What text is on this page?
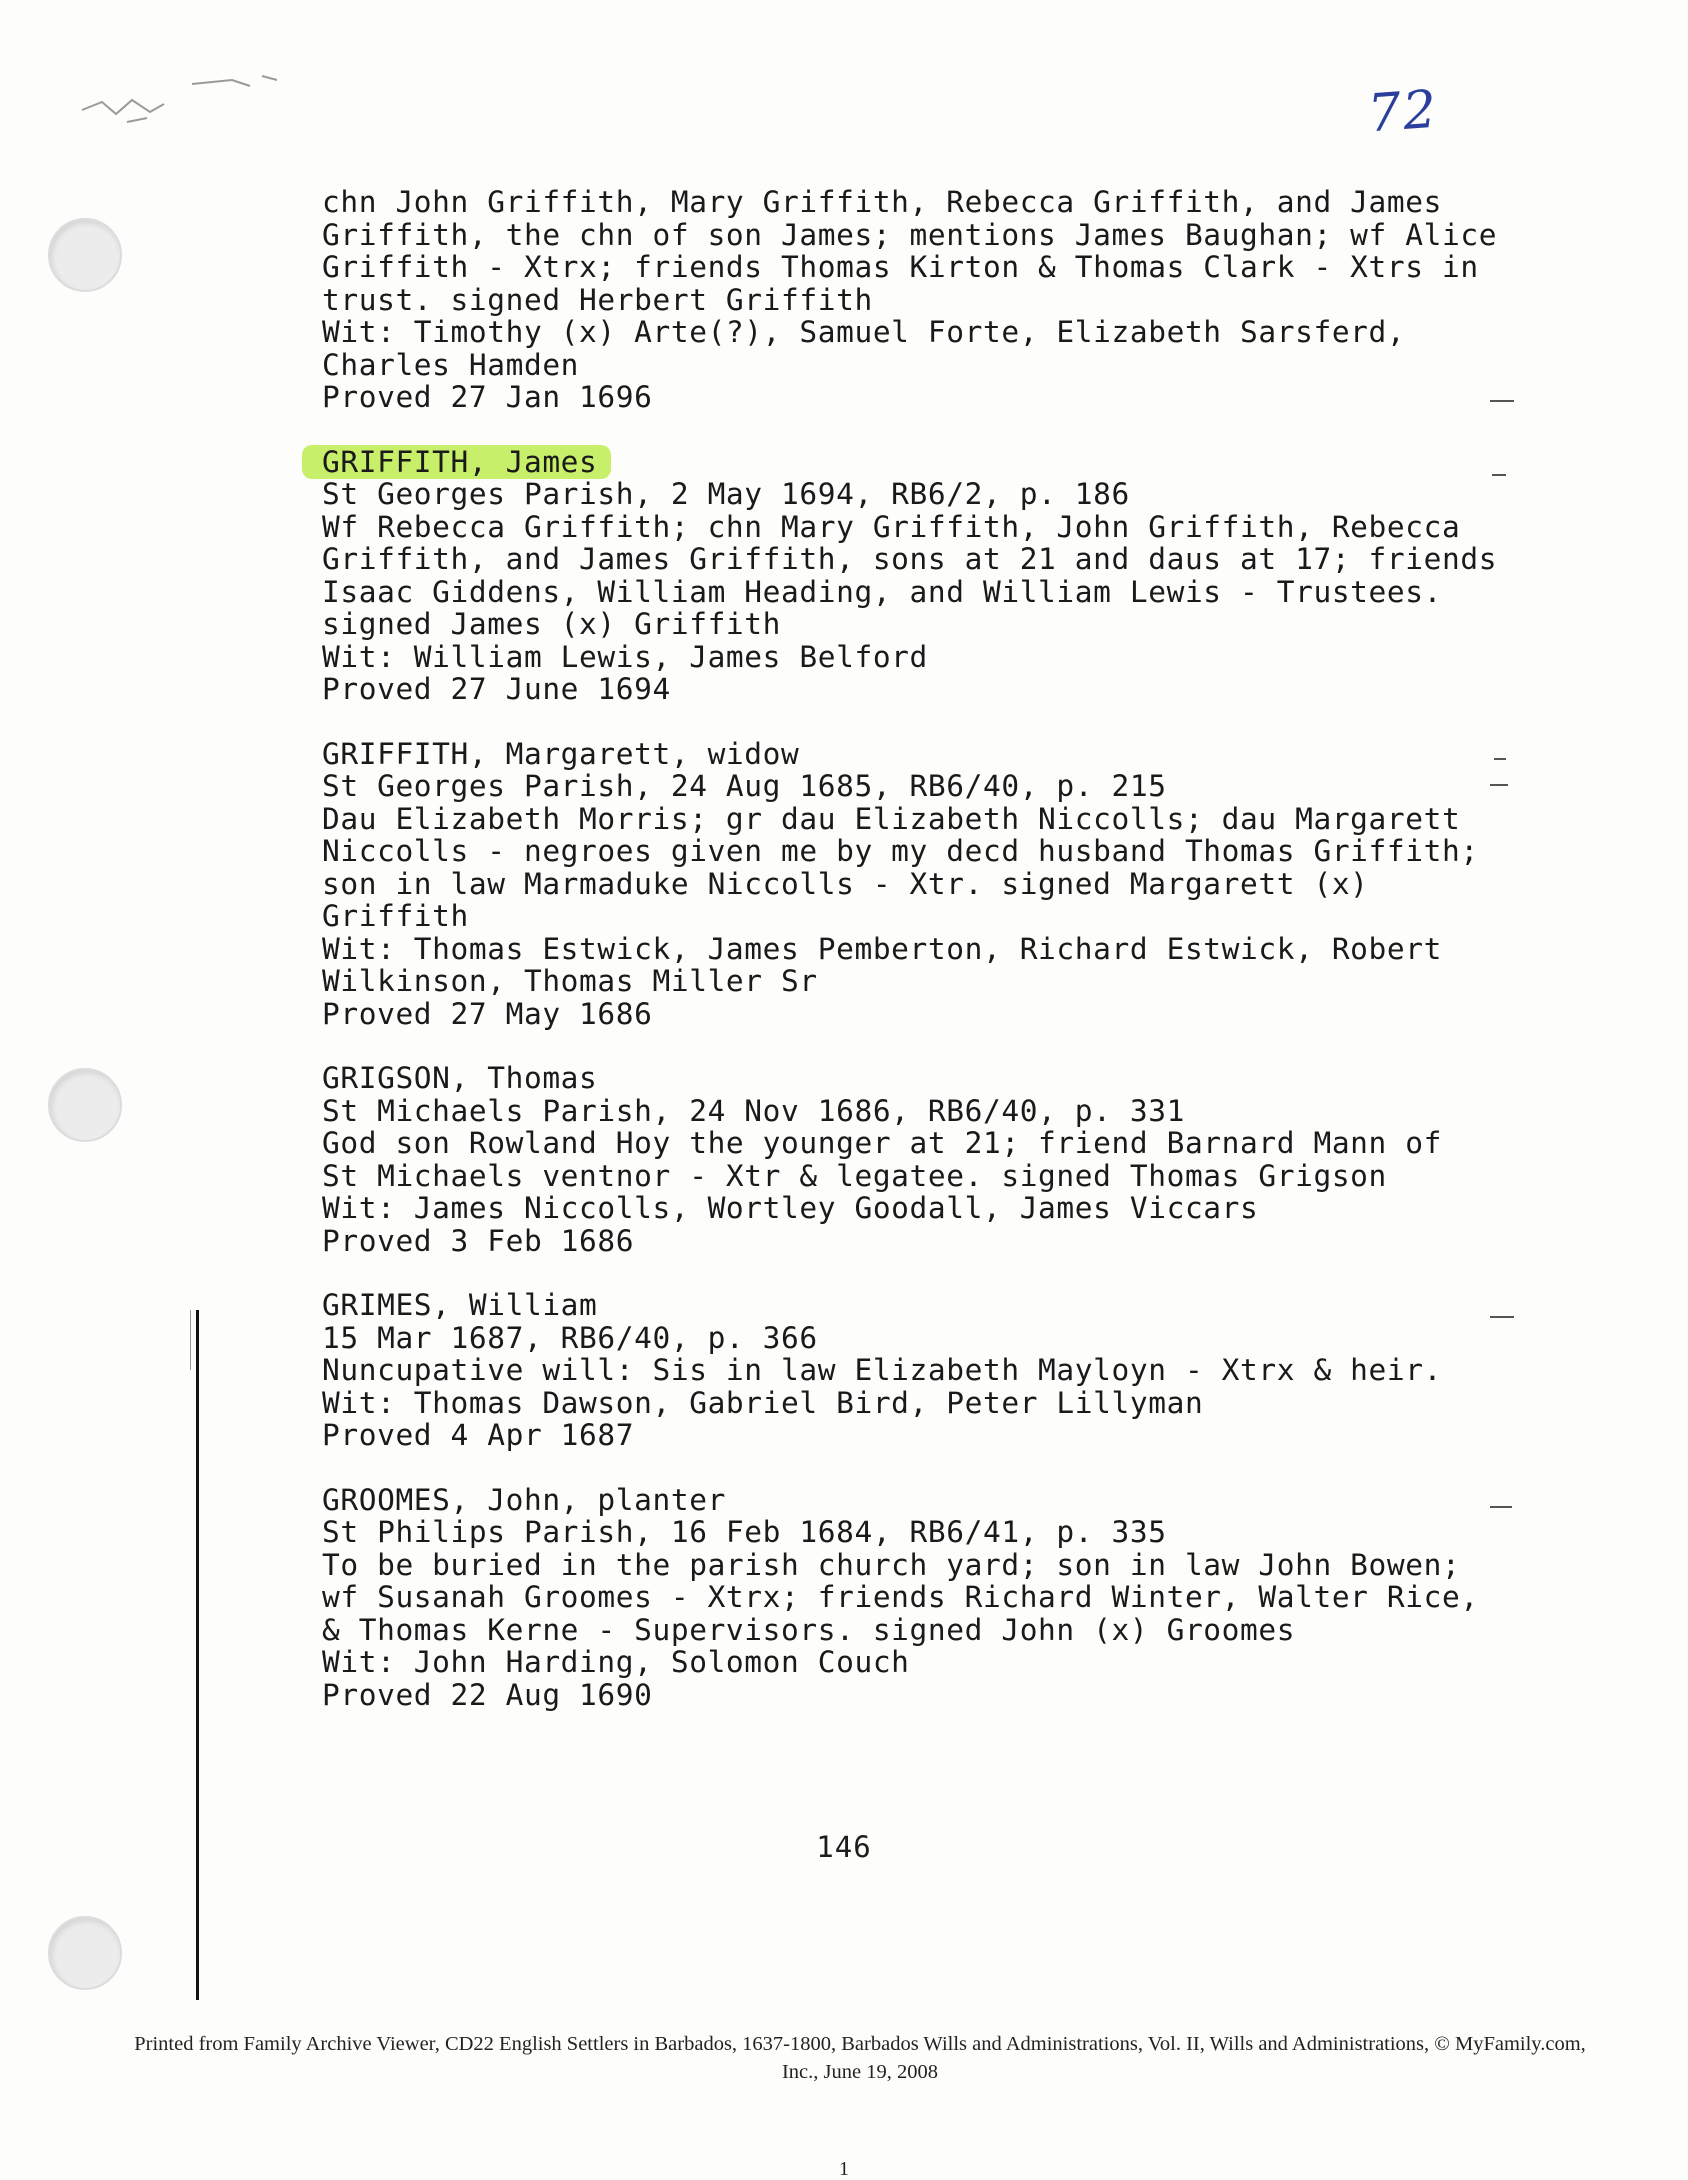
72
chn John Griffith, Mary Griffith, Rebecca Griffith, and James
Griffith, the chn of son James; mentions James Baughan; wf Alice
Griffith - Xtrx; friends Thomas Kirton & Thomas Clark - Xtrs in
trust. signed Herbert Griffith
Wit: Timothy (x) Arte(?), Samuel Forte, Elizabeth Sarsferd,
Charles Hamden
Proved 27 Jan 1696
GRIFFITH, James
St Georges Parish, 2 May 1694, RB6/2, p. 186
Wf Rebecca Griffith; chn Mary Griffith, John Griffith, Rebecca
Griffith, and James Griffith, sons at 21 and daus at 17; friends
Isaac Giddens, William Heading, and William Lewis - Trustees.
signed James (x) Griffith
Wit: William Lewis, James Belford
Proved 27 June 1694
GRIFFITH, Margarett, widow
St Georges Parish, 24 Aug 1685, RB6/40, p. 215
Dau Elizabeth Morris; gr dau Elizabeth Niccolls; dau Margarett
Niccolls - negroes given me by my decd husband Thomas Griffith;
son in law Marmaduke Niccolls - Xtr. signed Margarett (x)
Griffith
Wit: Thomas Estwick, James Pemberton, Richard Estwick, Robert
Wilkinson, Thomas Miller Sr
Proved 27 May 1686
GRIGSON, Thomas
St Michaels Parish, 24 Nov 1686, RB6/40, p. 331
God son Rowland Hoy the younger at 21; friend Barnard Mann of
St Michaels ventnor - Xtr & legatee. signed Thomas Grigson
Wit: James Niccolls, Wortley Goodall, James Viccars
Proved 3 Feb 1686
GRIMES, William
15 Mar 1687, RB6/40, p. 366
Nuncupative will: Sis in law Elizabeth Mayloyn - Xtrx & heir.
Wit: Thomas Dawson, Gabriel Bird, Peter Lillyman
Proved 4 Apr 1687
GROOMES, John, planter
St Philips Parish, 16 Feb 1684, RB6/41, p. 335
To be buried in the parish church yard; son in law John Bowen;
wf Susanah Groomes - Xtrx; friends Richard Winter, Walter Rice,
& Thomas Kerne - Supervisors. signed John (x) Groomes
Wit: John Harding, Solomon Couch
Proved 22 Aug 1690
146
Printed from Family Archive Viewer, CD22 English Settlers in Barbados, 1637-1800, Barbados Wills and Administrations, Vol. II, Wills and Administrations, © MyFamily.com,
Inc., June 19, 2008
1
